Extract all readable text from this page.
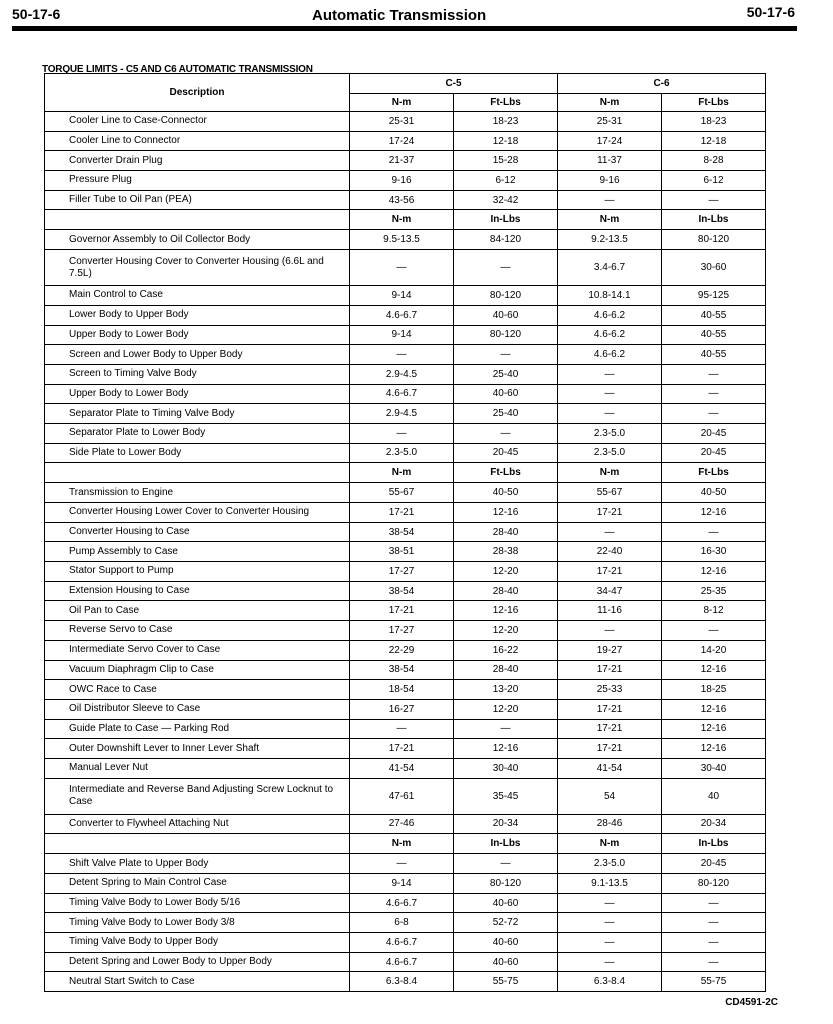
50-17-6	Automatic Transmission	50-17-6
TORQUE LIMITS - C5 AND C6 AUTOMATIC TRANSMISSION
Description	C-5		C-6	
	N-m	Ft-Lbs	N-m	Ft-Lbs
Cooler Line to Case-Connector	25-31	18-23	25-31	18-23
Cooler Line to Connector	17-24	12-18	17-24	12-18
Converter Drain Plug	21-37	15-28	11-37	8-28
Pressure Plug	9-16	6-12	9-16	6-12
Filler Tube to Oil Pan (PEA)	43-56	32-42	—	—
	N-m	In-Lbs	N-m	In-Lbs
Governor Assembly to Oil Collector Body	9.5-13.5	84-120	9.2-13.5	80-120
Converter Housing Cover to Converter Housing (6.6L and 7.5L)	—	—	3.4-6.7	30-60
Main Control to Case	9-14	80-120	10.8-14.1	95-125
Lower Body to Upper Body	4.6-6.7	40-60	4.6-6.2	40-55
Upper Body to Lower Body	9-14	80-120	4.6-6.2	40-55
Screen and Lower Body to Upper Body	—	—	4.6-6.2	40-55
Screen to Timing Valve Body	2.9-4.5	25-40	—	—
Upper Body to Lower Body	4.6-6.7	40-60	—	—
Separator Plate to Timing Valve Body	2.9-4.5	25-40	—	—
Separator Plate to Lower Body	—	—	2.3-5.0	20-45
Side Plate to Lower Body	2.3-5.0	20-45	2.3-5.0	20-45
	N-m	Ft-Lbs	N-m	Ft-Lbs
Transmission to Engine	55-67	40-50	55-67	40-50
Converter Housing Lower Cover to Converter Housing	17-21	12-16	17-21	12-16
Converter Housing to Case	38-54	28-40	—	—
Pump Assembly to Case	38-51	28-38	22-40	16-30
Stator Support to Pump	17-27	12-20	17-21	12-16
Extension Housing to Case	38-54	28-40	34-47	25-35
Oil Pan to Case	17-21	12-16	11-16	8-12
Reverse Servo to Case	17-27	12-20	—	—
Intermediate Servo Cover to Case	22-29	16-22	19-27	14-20
Vacuum Diaphragm Clip to Case	38-54	28-40	17-21	12-16
OWC Race to Case	18-54	13-20	25-33	18-25
Oil Distributor Sleeve to Case	16-27	12-20	17-21	12-16
Guide Plate to Case — Parking Rod	—	—	17-21	12-16
Outer Downshift Lever to Inner Lever Shaft	17-21	12-16	17-21	12-16
Manual Lever Nut	41-54	30-40	41-54	30-40
Intermediate and Reverse Band Adjusting Screw Locknut to Case	47-61	35-45	54	40
Converter to Flywheel Attaching Nut	27-46	20-34	28-46	20-34
	N-m	In-Lbs	N-m	In-Lbs
Shift Valve Plate to Upper Body	—	—	2.3-5.0	20-45
Detent Spring to Main Control Case	9-14	80-120	9.1-13.5	80-120
Timing Valve Body to Lower Body 5/16	4.6-6.7	40-60	—	—
Timing Valve Body to Lower Body 3/8	6-8	52-72	—	—
Timing Valve Body to Upper Body	4.6-6.7	40-60	—	—
Detent Spring and Lower Body to Upper Body	4.6-6.7	40-60	—	—
Neutral Start Switch to Case	6.3-8.4	55-75	6.3-8.4	55-75
CD4591-2C
